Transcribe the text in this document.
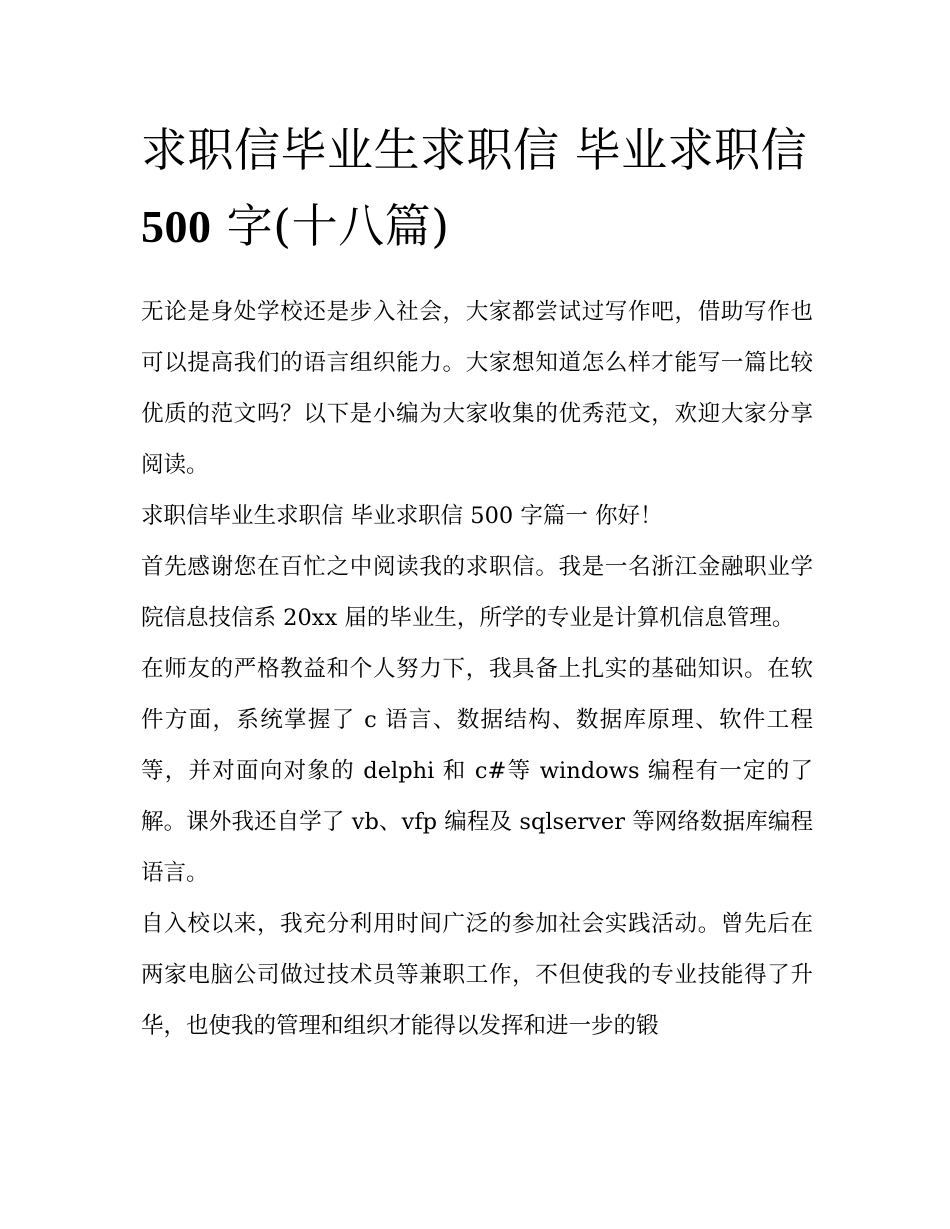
求职信毕业生求职信 毕业求职信 500 字(十八篇)

无论是身处学校还是步入社会，大家都尝试过写作吧，借助写作也可以提高我们的语言组织能力。大家想知道怎么样才能写一篇比较优质的范文吗？以下是小编为大家收集的优秀范文，欢迎大家分享阅读。

求职信毕业生求职信 毕业求职信 500 字篇一 你好！

首先感谢您在百忙之中阅读我的求职信。我是一名浙江金融职业学院信息技信系 20xx 届的毕业生，所学的专业是计算机信息管理。

在师友的严格教益和个人努力下，我具备上扎实的基础知识。在软件方面，系统掌握了 c 语言、数据结构、数据库原理、软件工程等，并对面向对象的 delphi 和 c#等 windows 编程有一定的了解。课外我还自学了 vb、vfp 编程及 sqlserver 等网络数据库编程语言。

自入校以来，我充分利用时间广泛的参加社会实践活动。曾先后在两家电脑公司做过技术员等兼职工作，不但使我的专业技能得了升华，也使我的管理和组织才能得以发挥和进一步的锻
